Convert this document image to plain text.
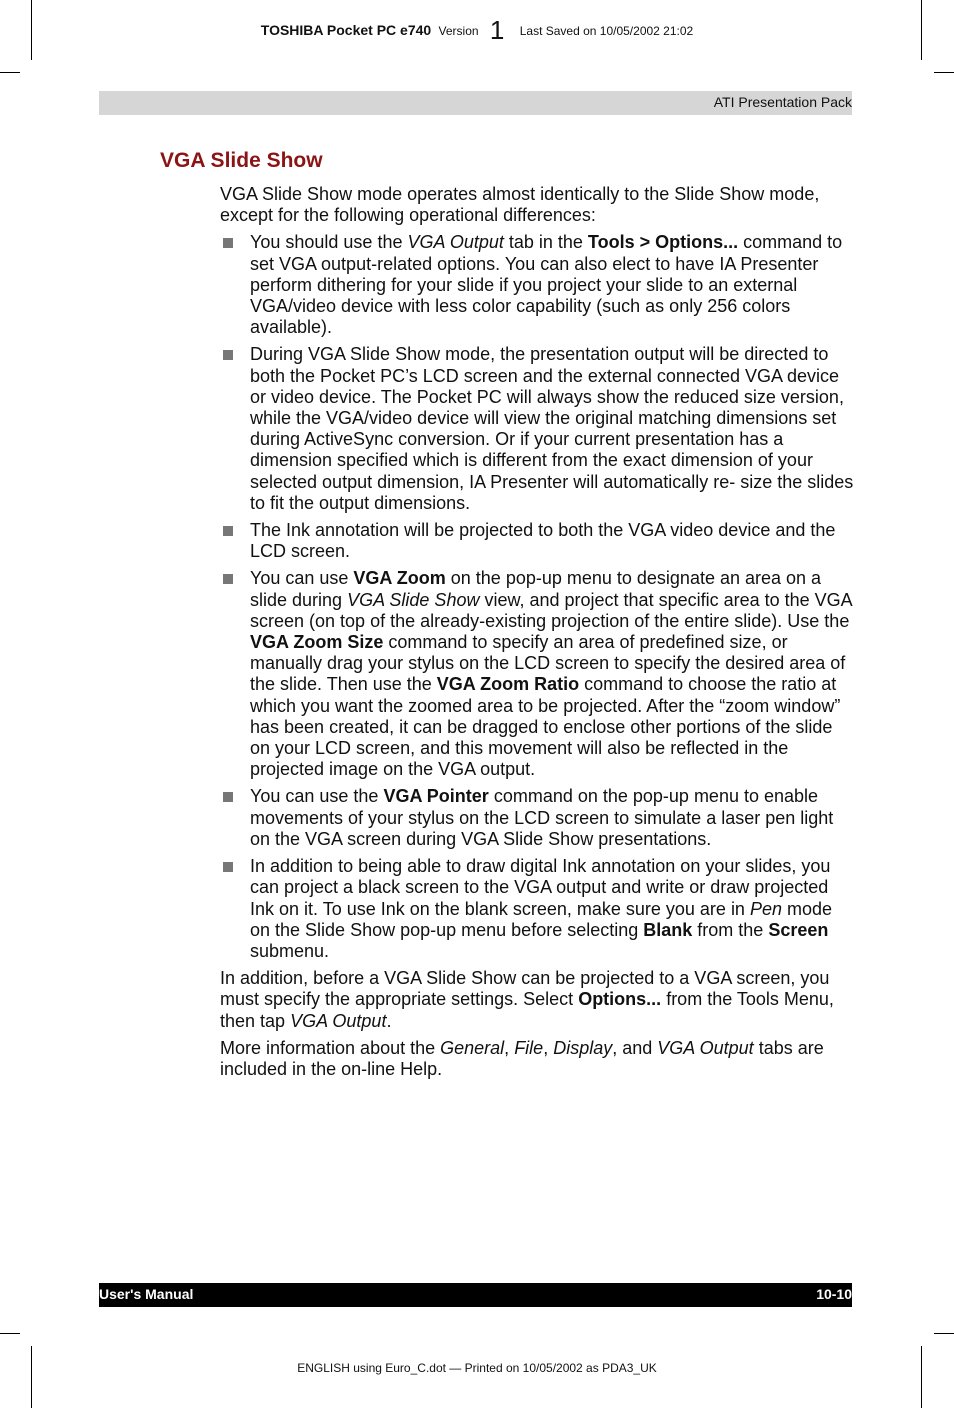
TOSHIBA Pocket PC e740 Version 1 Last Saved on 10/05/2002 21:02
ATI Presentation Pack
VGA Slide Show

VGA Slide Show mode operates almost identically to the Slide Show mode, except for the following operational differences:

You should use the VGA Output tab in the Tools > Options... command to set VGA output-related options. You can also elect to have IA Presenter perform dithering for your slide if you project your slide to an external VGA/video device with less color capability (such as only 256 colors available).
During VGA Slide Show mode, the presentation output will be directed to both the Pocket PC’s LCD screen and the external connected VGA device or video device. The Pocket PC will always show the reduced size version, while the VGA/video device will view the original matching dimensions set during ActiveSync conversion. Or if your current presentation has a dimension specified which is different from the exact dimension of your selected output dimension, IA Presenter will automatically re- size the slides to fit the output dimensions.
The Ink annotation will be projected to both the VGA video device and the LCD screen.
You can use VGA Zoom on the pop-up menu to designate an area on a slide during VGA Slide Show view, and project that specific area to the VGA screen (on top of the already-existing projection of the entire slide). Use the VGA Zoom Size command to specify an area of predefined size, or manually drag your stylus on the LCD screen to specify the desired area of the slide. Then use the VGA Zoom Ratio command to choose the ratio at which you want the zoomed area to be projected. After the “zoom window” has been created, it can be dragged to enclose other portions of the slide on your LCD screen, and this movement will also be reflected in the projected image on the VGA output.
You can use the VGA Pointer command on the pop-up menu to enable movements of your stylus on the LCD screen to simulate a laser pen light on the VGA screen during VGA Slide Show presentations.
In addition to being able to draw digital Ink annotation on your slides, you can project a black screen to the VGA output and write or draw projected Ink on it. To use Ink on the blank screen, make sure you are in Pen mode on the Slide Show pop-up menu before selecting Blank from the Screen submenu.

In addition, before a VGA Slide Show can be projected to a VGA screen, you must specify the appropriate settings. Select Options... from the Tools Menu, then tap VGA Output.

More information about the General, File, Display, and VGA Output tabs are included in the on-line Help.

User's Manual	10-10
ENGLISH using Euro_C.dot — Printed on 10/05/2002 as PDA3_UK
